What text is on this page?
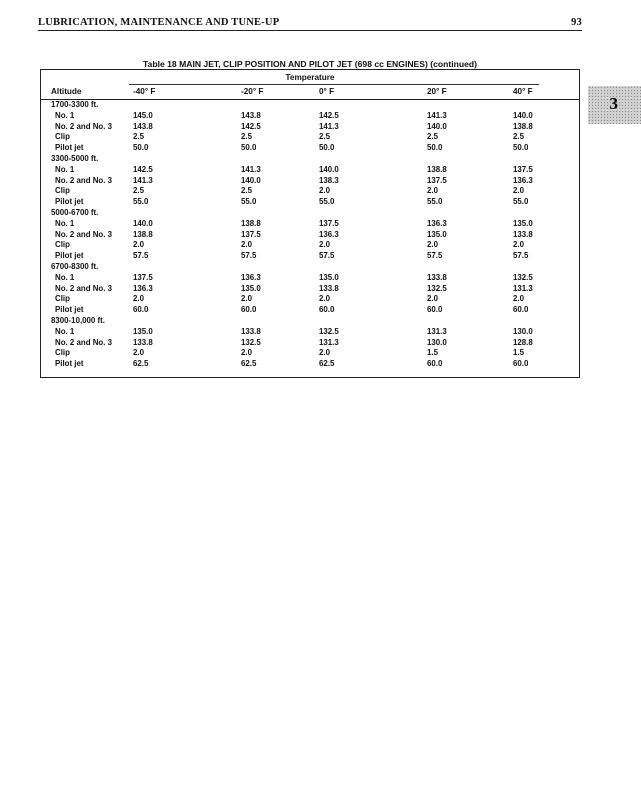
LUBRICATION, MAINTENANCE AND TUNE-UP	93
3
Table 18 MAIN JET, CLIP POSITION AND PILOT JET (698 cc ENGINES) (continued)
Temperature
Altitude	-40° F	-20° F	0° F	20° F	40° F
1700-3300 ft.
No. 1	145.0	143.8	142.5	141.3	140.0
No. 2 and No. 3	143.8	142.5	141.3	140.0	138.8
Clip	2.5	2.5	2.5	2.5	2.5
Pilot jet	50.0	50.0	50.0	50.0	50.0
3300-5000 ft.
No. 1	142.5	141.3	140.0	138.8	137.5
No. 2 and No. 3	141.3	140.0	138.3	137.5	136.3
Clip	2.5	2.5	2.0	2.0	2.0
Pilot jet	55.0	55.0	55.0	55.0	55.0
5000-6700 ft.
No. 1	140.0	138.8	137.5	136.3	135.0
No. 2 and No. 3	138.8	137.5	136.3	135.0	133.8
Clip	2.0	2.0	2.0	2.0	2.0
Pilot jet	57.5	57.5	57.5	57.5	57.5
6700-8300 ft.
No. 1	137.5	136.3	135.0	133.8	132.5
No. 2 and No. 3	136.3	135.0	133.8	132.5	131.3
Clip	2.0	2.0	2.0	2.0	2.0
Pilot jet	60.0	60.0	60.0	60.0	60.0
8300-10,000 ft.
No. 1	135.0	133.8	132.5	131.3	130.0
No. 2 and No. 3	133.8	132.5	131.3	130.0	128.8
Clip	2.0	2.0	2.0	1.5	1.5
Pilot jet	62.5	62.5	62.5	60.0	60.0
